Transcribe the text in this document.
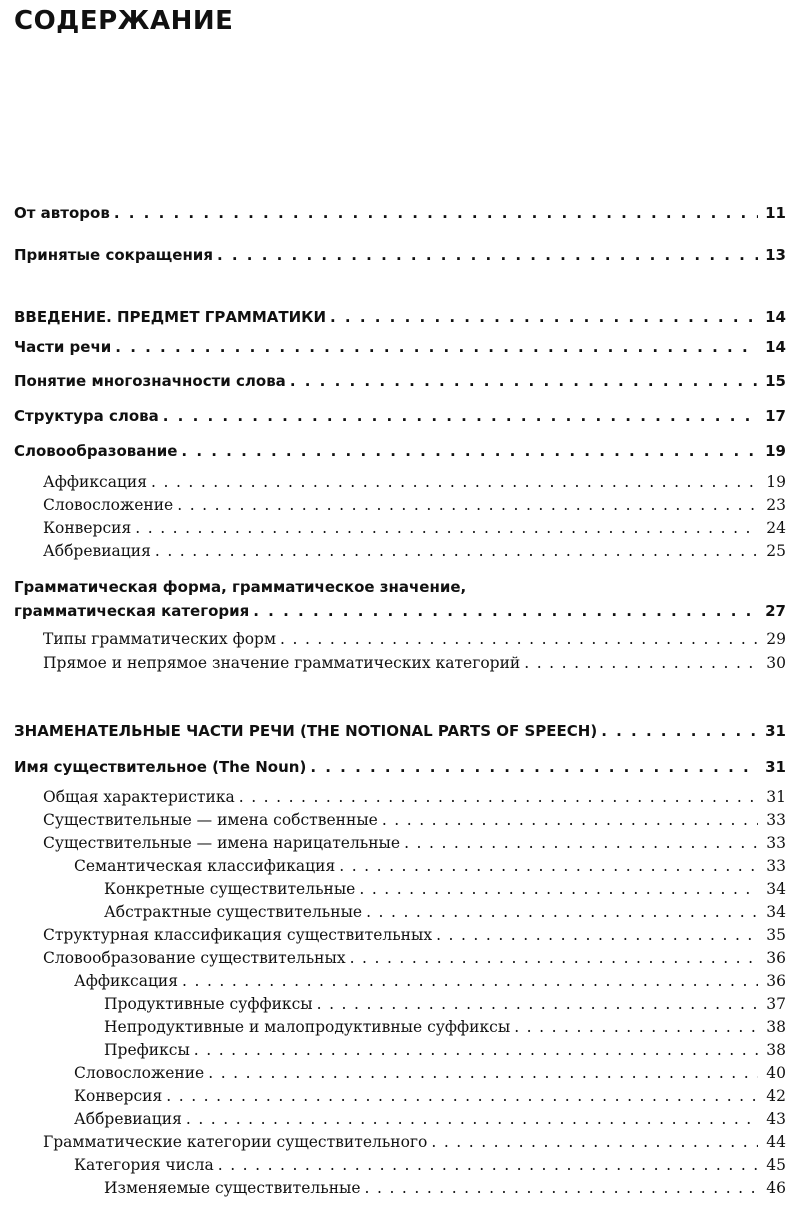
СОДЕРЖАНИЕ
От авторов . . .	11
Принятые сокращения . . .	13
ВВЕДЕНИЕ. ПРЕДМЕТ ГРАММАТИКИ . . .	14
Части речи . . .	14
Понятие многозначности слова . . .	15
Структура слова . . .	17
Словообразование . . .	19
Аффиксация . . .	19
Словосложение . . .	23
Конверсия . . .	24
Аббревиация . . .	25
Грамматическая форма, грамматическое значение,
грамматическая категория . . .	27
Типы грамматических форм . . .	29
Прямое и непрямое значение грамматических категорий . . .	30
ЗНАМЕНАТЕЛЬНЫЕ ЧАСТИ РЕЧИ (THE NOTIONAL PARTS OF SPEECH) . . .	31
Имя существительное (The Noun) . . .	31
Общая характеристика . . .	31
Существительные — имена собственные . . .	33
Существительные — имена нарицательные . . .	33
Семантическая классификация . . .	33
Конкретные существительные . . .	34
Абстрактные существительные . . .	34
Структурная классификация существительных . . .	35
Словообразование существительных . . .	36
Аффиксация . . .	36
Продуктивные суффиксы . . .	37
Непродуктивные и малопродуктивные суффиксы . . .	38
Префиксы . . .	38
Словосложение . . .	40
Конверсия . . .	42
Аббревиация . . .	43
Грамматические категории существительного . . .	44
Категория числа . . .	45
Изменяемые существительные . . .	46
